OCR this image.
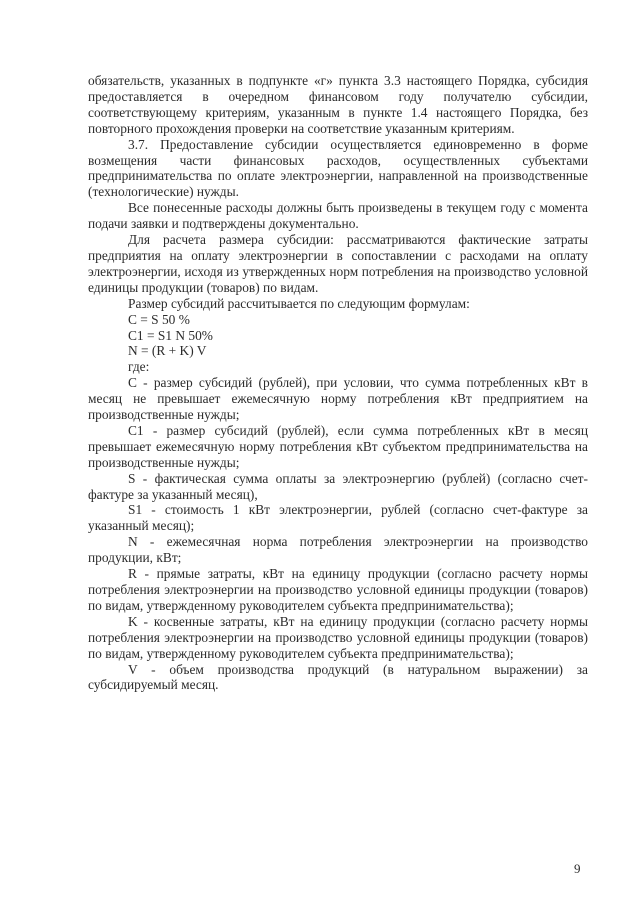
обязательств, указанных в подпункте «г» пункта 3.3 настоящего Порядка, субсидия предоставляется в очередном финансовом году получателю субсидии, соответствующему критериям, указанным в пункте 1.4 настоящего Порядка, без повторного прохождения проверки на соответствие указанным критериям.

3.7. Предоставление субсидии осуществляется единовременно в форме возмещения части финансовых расходов, осуществленных субъектами предпринимательства по оплате электроэнергии, направленной на производственные (технологические) нужды.

Все понесенные расходы должны быть произведены в текущем году с момента подачи заявки и подтверждены документально.

Для расчета размера субсидии: рассматриваются фактические затраты предприятия на оплату электроэнергии в сопоставлении с расходами на оплату электроэнергии, исходя из утвержденных норм потребления на производство условной единицы продукции (товаров) по видам.

Размер субсидий рассчитывается по следующим формулам:

С = S 50 %

С1 = S1 N 50%

N = (R + K) V

где:

С - размер субсидий (рублей), при условии, что сумма потребленных кВт в месяц не превышает ежемесячную норму потребления кВт предприятием на производственные нужды;

С1 - размер субсидий (рублей), если сумма потребленных кВт в месяц превышает ежемесячную норму потребления кВт субъектом предпринимательства на производственные нужды;

S - фактическая сумма оплаты за электроэнергию (рублей) (согласно счет-фактуре за указанный месяц),

S1 - стоимость 1 кВт электроэнергии, рублей (согласно счет-фактуре за указанный месяц);

N - ежемесячная норма потребления электроэнергии на производство продукции, кВт;

R - прямые затраты, кВт на единицу продукции (согласно расчету нормы потребления электроэнергии на производство условной единицы продукции (товаров) по видам, утвержденному руководителем субъекта предпринимательства);

K - косвенные затраты, кВт на единицу продукции (согласно расчету нормы потребления электроэнергии на производство условной единицы продукции (товаров) по видам, утвержденному руководителем субъекта предпринимательства);

V - объем производства продукций (в натуральном выражении) за субсидируемый месяц.

9
